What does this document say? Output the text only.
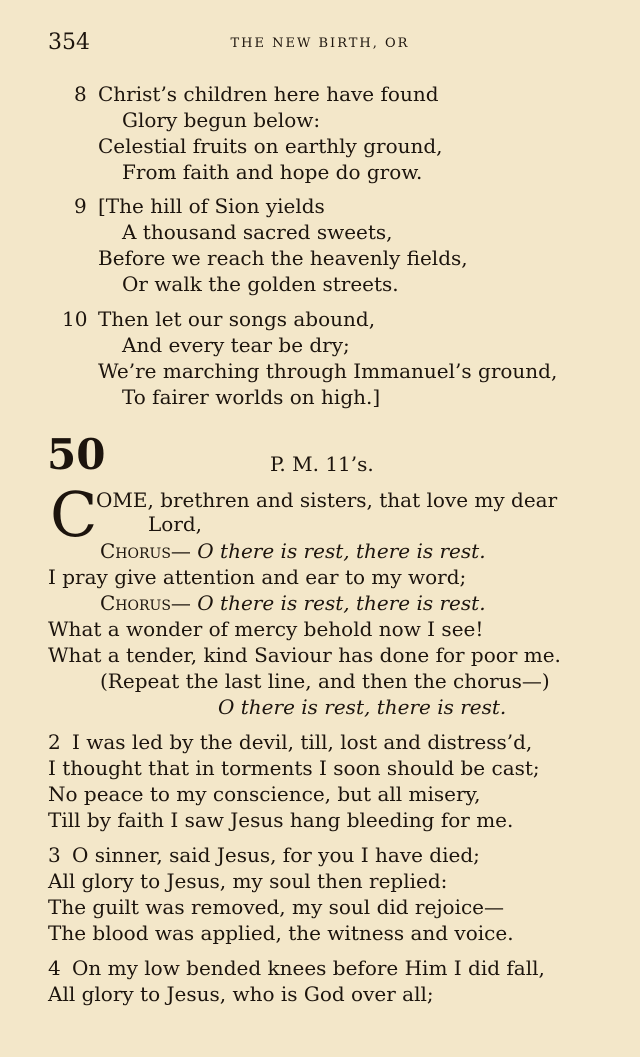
354	THE NEW BIRTH, OR
8 Christ’s children here have found
Glory begun below:
Celestial fruits on earthly ground,
From faith and hope do grow.
9 [The hill of Sion yields
A thousand sacred sweets,
Before we reach the heavenly fields,
Or walk the golden streets.
10 Then let our songs abound,
And every tear be dry;
We’re marching through Immanuel’s ground,
To fairer worlds on high.]
50	P. M. 11’s.
C
OME, brethren and sisters, that love my dear
Lord,
Chorus— O there is rest, there is rest.
I pray give attention and ear to my word;
Chorus— O there is rest, there is rest.
What a wonder of mercy behold now I see!
What a tender, kind Saviour has done for poor me.
(Repeat the last line, and then the chorus—)
O there is rest, there is rest.
2 I was led by the devil, till, lost and distress’d,
I thought that in torments I soon should be cast;
No peace to my conscience, but all misery,
Till by faith I saw Jesus hang bleeding for me.
3 O sinner, said Jesus, for you I have died;
All glory to Jesus, my soul then replied:
The guilt was removed, my soul did rejoice—
The blood was applied, the witness and voice.
4 On my low bended knees before Him I did fall,
All glory to Jesus, who is God over all;
